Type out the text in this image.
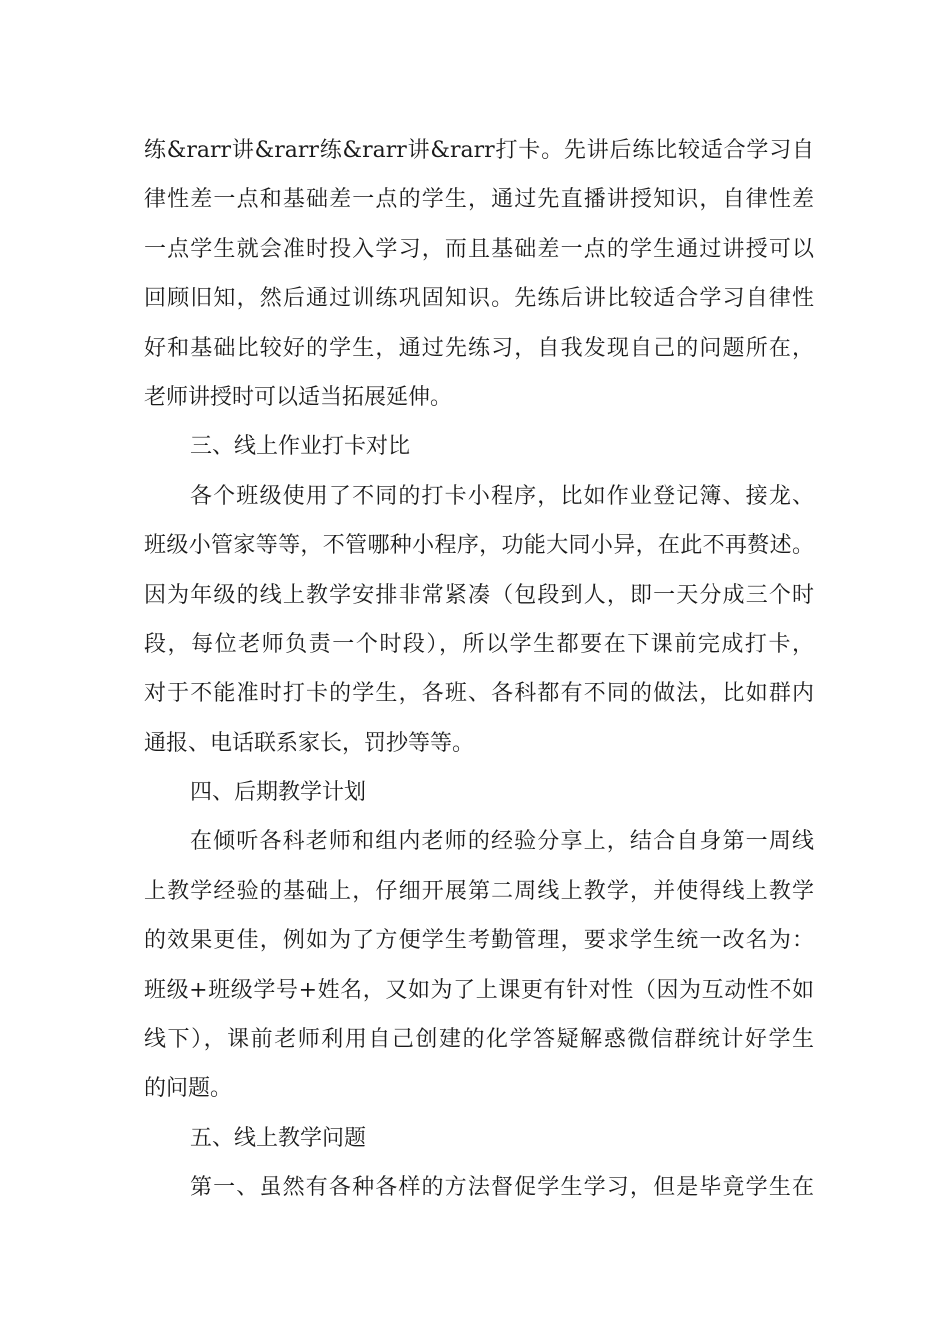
练&rarr讲&rarr练&rarr讲&rarr打卡。先讲后练比较适合学习自
律性差一点和基础差一点的学生，通过先直播讲授知识，自律性差
一点学生就会准时投入学习，而且基础差一点的学生通过讲授可以
回顾旧知，然后通过训练巩固知识。先练后讲比较适合学习自律性
好和基础比较好的学生，通过先练习，自我发现自己的问题所在，
老师讲授时可以适当拓展延伸。
三、线上作业打卡对比
各个班级使用了不同的打卡小程序，比如作业登记簿、接龙、
班级小管家等等，不管哪种小程序，功能大同小异，在此不再赘述。
因为年级的线上教学安排非常紧凑（包段到人，即一天分成三个时
段，每位老师负责一个时段），所以学生都要在下课前完成打卡，
对于不能准时打卡的学生，各班、各科都有不同的做法，比如群内
通报、电话联系家长，罚抄等等。
四、后期教学计划
在倾听各科老师和组内老师的经验分享上，结合自身第一周线
上教学经验的基础上，仔细开展第二周线上教学，并使得线上教学
的效果更佳，例如为了方便学生考勤管理，要求学生统一改名为：
班级+班级学号+姓名，又如为了上课更有针对性（因为互动性不如
线下），课前老师利用自己创建的化学答疑解惑微信群统计好学生
的问题。
五、线上教学问题
第一、虽然有各种各样的方法督促学生学习，但是毕竟学生在
